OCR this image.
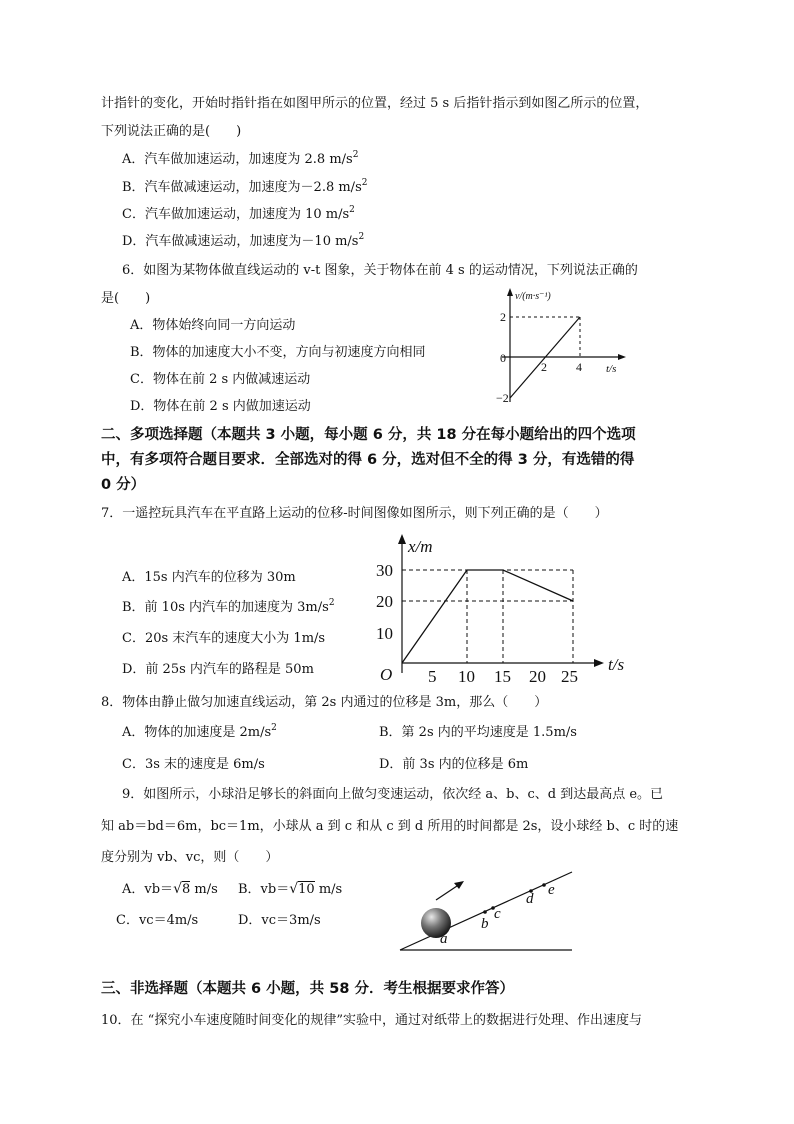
计指针的变化，开始时指针指在如图甲所示的位置，经过 5 s 后指针指示到如图乙所示的位置，
下列说法正确的是(　　)
A．汽车做加速运动，加速度为 2.8 $m/s^2$
B．汽车做减速运动，加速度为－2.8 $m/s^2$
C．汽车做加速运动，加速度为 10 $m/s^2$
D．汽车做减速运动，加速度为－10 $m/s^2$
6．如图为某物体做直线运动的 v-t 图象，关于物体在前 4 s 的运动情况，下列说法正确的
是(　　)
A．物体始终向同一方向运动
B．物体的加速度大小不变，方向与初速度方向相同
C．物体在前 2 s 内做减速运动
D．物体在前 2 s 内做加速运动
v/(m·s⁻¹)
t/s
2
0
−2
2 4
二、多项选择题（本题共 3 小题，每小题 6 分，共 18 分在每小题给出的四个选项
中，有多项符合题目要求．全部选对的得 6 分，选对但不全的得 3 分，有选错的得
0 分）
7．一遥控玩具汽车在平直路上运动的位移-时间图像如图所示，则下列正确的是（　　）
A．15s 内汽车的位移为 30m
B．前 10s 内汽车的加速度为 $3m/s^2$
C．20s 末汽车的速度大小为 1m/s
D．前 25s 内汽车的路程是 50m
x/m
t/s
O
10
20
30
5 10 15 20 25
8．物体由静止做匀加速直线运动，第 2s 内通过的位移是 3m，那么（　　）
A．物体的加速度是 $2m/s^2$	B．第 2s 内的平均速度是 1.5m/s
C．3s 末的速度是 6m/s	D．前 3s 内的位移是 6m
9．如图所示，小球沿足够长的斜面向上做匀变速运动，依次经 a、b、c、d 到达最高点 e。已
知 ab＝bd＝6m，bc＝1m，小球从 a 到 c 和从 c 到 d 所用的时间都是 2s，设小球经 b、c 时的速
度分别为 vb、vc，则（　　）
A．vb＝√8 m/s B．vb＝√10 m/s
C．vc＝4m/s	D．vc＝3m/s
a
b
c
d
e
三、非选择题（本题共 6 小题，共 58 分．考生根据要求作答）
10．在 “探究小车速度随时间变化的规律”实验中，通过对纸带上的数据进行处理、作出速度与
